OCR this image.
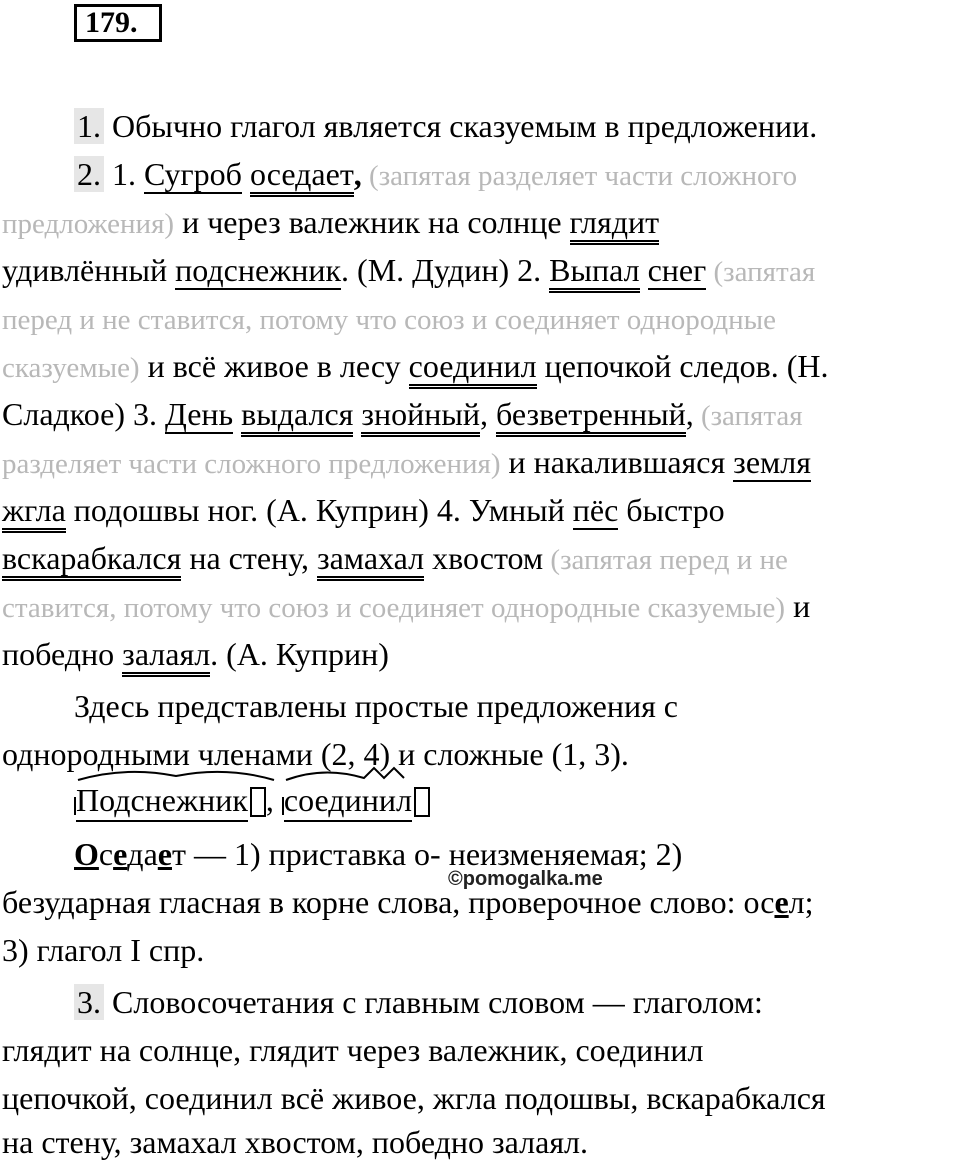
179.
1. Обычно глагол является сказуемым в предложении.
2. 1. Сугроб оседает, (запятая разделяет части сложного
предложения) и через валежник на солнце глядит
удивлённый подснежник. (М. Дудин) 2. Выпал снег (запятая
перед и не ставится, потому что союз и соединяет однородные
сказуемые) и всё живое в лесу соединил цепочкой следов. (Н.
Сладкое) 3. День выдался знойный, безветренный, (запятая
разделяет части сложного предложения) и накалившаяся земля
жгла подошвы ног. (А. Куприн) 4. Умный пёс быстро
вскарабкался на стену, замахал хвостом (запятая перед и не
ставится, потому что союз и соединяет однородные сказуемые) и
победно залаял. (А. Куприн)
Здесь представлены простые предложения с
однородными членами (2, 4) и сложные (1, 3).
Подснежник ,
соединил
Оседает — 1) приставка о- неизменяемая; 2)
безударная гласная в корне слова, проверочное слово: осел;
3) глагол I спр.
©pomogalka.me
3. Словосочетания с главным словом — глаголом:
глядит на солнце, глядит через валежник, соединил
цепочкой, соединил всё живое, жгла подошвы, вскарабкался
на стену, замахал хвостом, победно залаял.
